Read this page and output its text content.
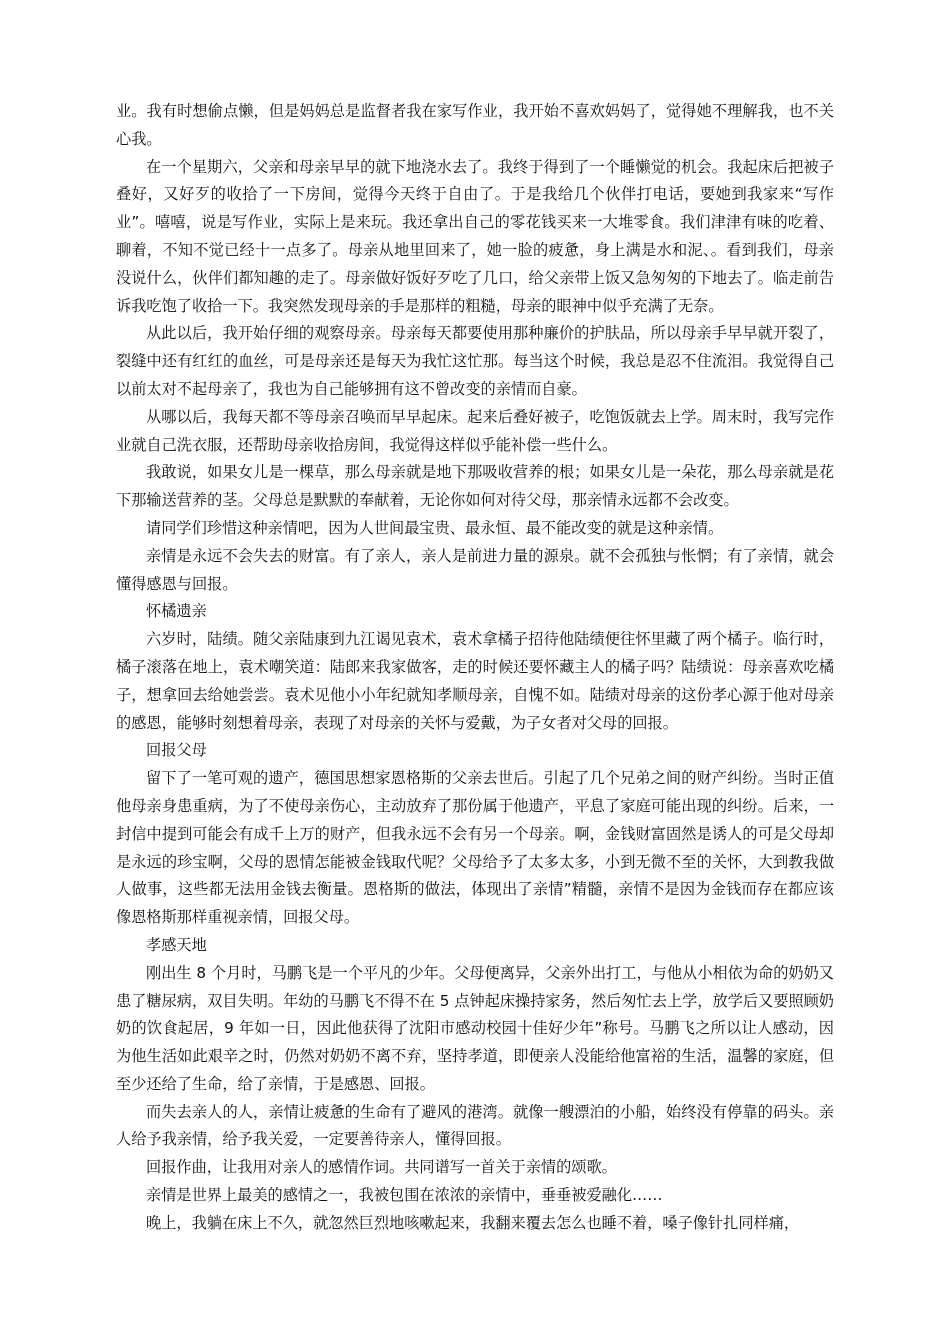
业。我有时想偷点懒，但是妈妈总是监督者我在家写作业，我开始不喜欢妈妈了，觉得她不理解我，也不关心我。

在一个星期六，父亲和母亲早早的就下地浇水去了。我终于得到了一个睡懒觉的机会。我起床后把被子叠好，又好歹的收拾了一下房间，觉得今天终于自由了。于是我给几个伙伴打电话，要她到我家来“写作业”。嘻嘻，说是写作业，实际上是来玩。我还拿出自己的零花钱买来一大堆零食。我们津津有味的吃着、聊着，不知不觉已经十一点多了。母亲从地里回来了，她一脸的疲惫，身上满是水和泥、。看到我们，母亲没说什么，伙伴们都知趣的走了。母亲做好饭好歹吃了几口，给父亲带上饭又急匆匆的下地去了。临走前告诉我吃饱了收拾一下。我突然发现母亲的手是那样的粗糙，母亲的眼神中似乎充满了无奈。

从此以后，我开始仔细的观察母亲。母亲每天都要使用那种廉价的护肤品，所以母亲手早早就开裂了，裂缝中还有红红的血丝，可是母亲还是每天为我忙这忙那。每当这个时候，我总是忍不住流泪。我觉得自己以前太对不起母亲了，我也为自己能够拥有这不曾改变的亲情而自豪。

从哪以后，我每天都不等母亲召唤而早早起床。起来后叠好被子，吃饱饭就去上学。周末时，我写完作业就自己洗衣服，还帮助母亲收拾房间，我觉得这样似乎能补偿一些什么。

我敢说，如果女儿是一棵草，那么母亲就是地下那吸收营养的根；如果女儿是一朵花，那么母亲就是花下那输送营养的茎。父母总是默默的奉献着，无论你如何对待父母，那亲情永远都不会改变。

请同学们珍惜这种亲情吧，因为人世间最宝贵、最永恒、最不能改变的就是这种亲情。

亲情是永远不会失去的财富。有了亲人，亲人是前进力量的源泉。就不会孤独与怅惘；有了亲情，就会懂得感恩与回报。

怀橘遗亲

六岁时，陆绩。随父亲陆康到九江谒见袁术，袁术拿橘子招待他陆绩便往怀里藏了两个橘子。临行时，橘子滚落在地上，袁术嘲笑道：陆郎来我家做客，走的时候还要怀藏主人的橘子吗？陆绩说：母亲喜欢吃橘子，想拿回去给她尝尝。袁术见他小小年纪就知孝顺母亲，自愧不如。陆绩对母亲的这份孝心源于他对母亲的感恩，能够时刻想着母亲，表现了对母亲的关怀与爱戴，为子女者对父母的回报。

回报父母

留下了一笔可观的遗产，德国思想家恩格斯的父亲去世后。引起了几个兄弟之间的财产纠纷。当时正值他母亲身患重病，为了不使母亲伤心，主动放弃了那份属于他遗产，平息了家庭可能出现的纠纷。后来，一封信中提到可能会有成千上万的财产，但我永远不会有另一个母亲。啊，金钱财富固然是诱人的可是父母却是永远的珍宝啊，父母的恩情怎能被金钱取代呢？父母给予了太多太多，小到无微不至的关怀，大到教我做人做事，这些都无法用金钱去衡量。恩格斯的做法，体现出了亲情”精髓，亲情不是因为金钱而存在都应该像恩格斯那样重视亲情，回报父母。

孝感天地

刚出生 8 个月时，马鹏飞是一个平凡的少年。父母便离异，父亲外出打工，与他从小相依为命的奶奶又患了糖尿病，双目失明。年幼的马鹏飞不得不在 5 点钟起床操持家务，然后匆忙去上学，放学后又要照顾奶奶的饮食起居，9 年如一日，因此他获得了沈阳市感动校园十佳好少年”称号。马鹏飞之所以让人感动，因为他生活如此艰辛之时，仍然对奶奶不离不弃，坚持孝道，即便亲人没能给他富裕的生活，温馨的家庭，但至少还给了生命，给了亲情，于是感恩、回报。

而失去亲人的人，亲情让疲惫的生命有了避风的港湾。就像一艘漂泊的小船，始终没有停靠的码头。亲人给予我亲情，给予我关爱，一定要善待亲人，懂得回报。

回报作曲，让我用对亲人的感情作词。共同谱写一首关于亲情的颂歌。

亲情是世界上最美的感情之一，我被包围在浓浓的亲情中，垂垂被爱融化……

晚上，我躺在床上不久，就忽然巨烈地咳嗽起来，我翻来覆去怎么也睡不着，嗓子像针扎同样痛，
